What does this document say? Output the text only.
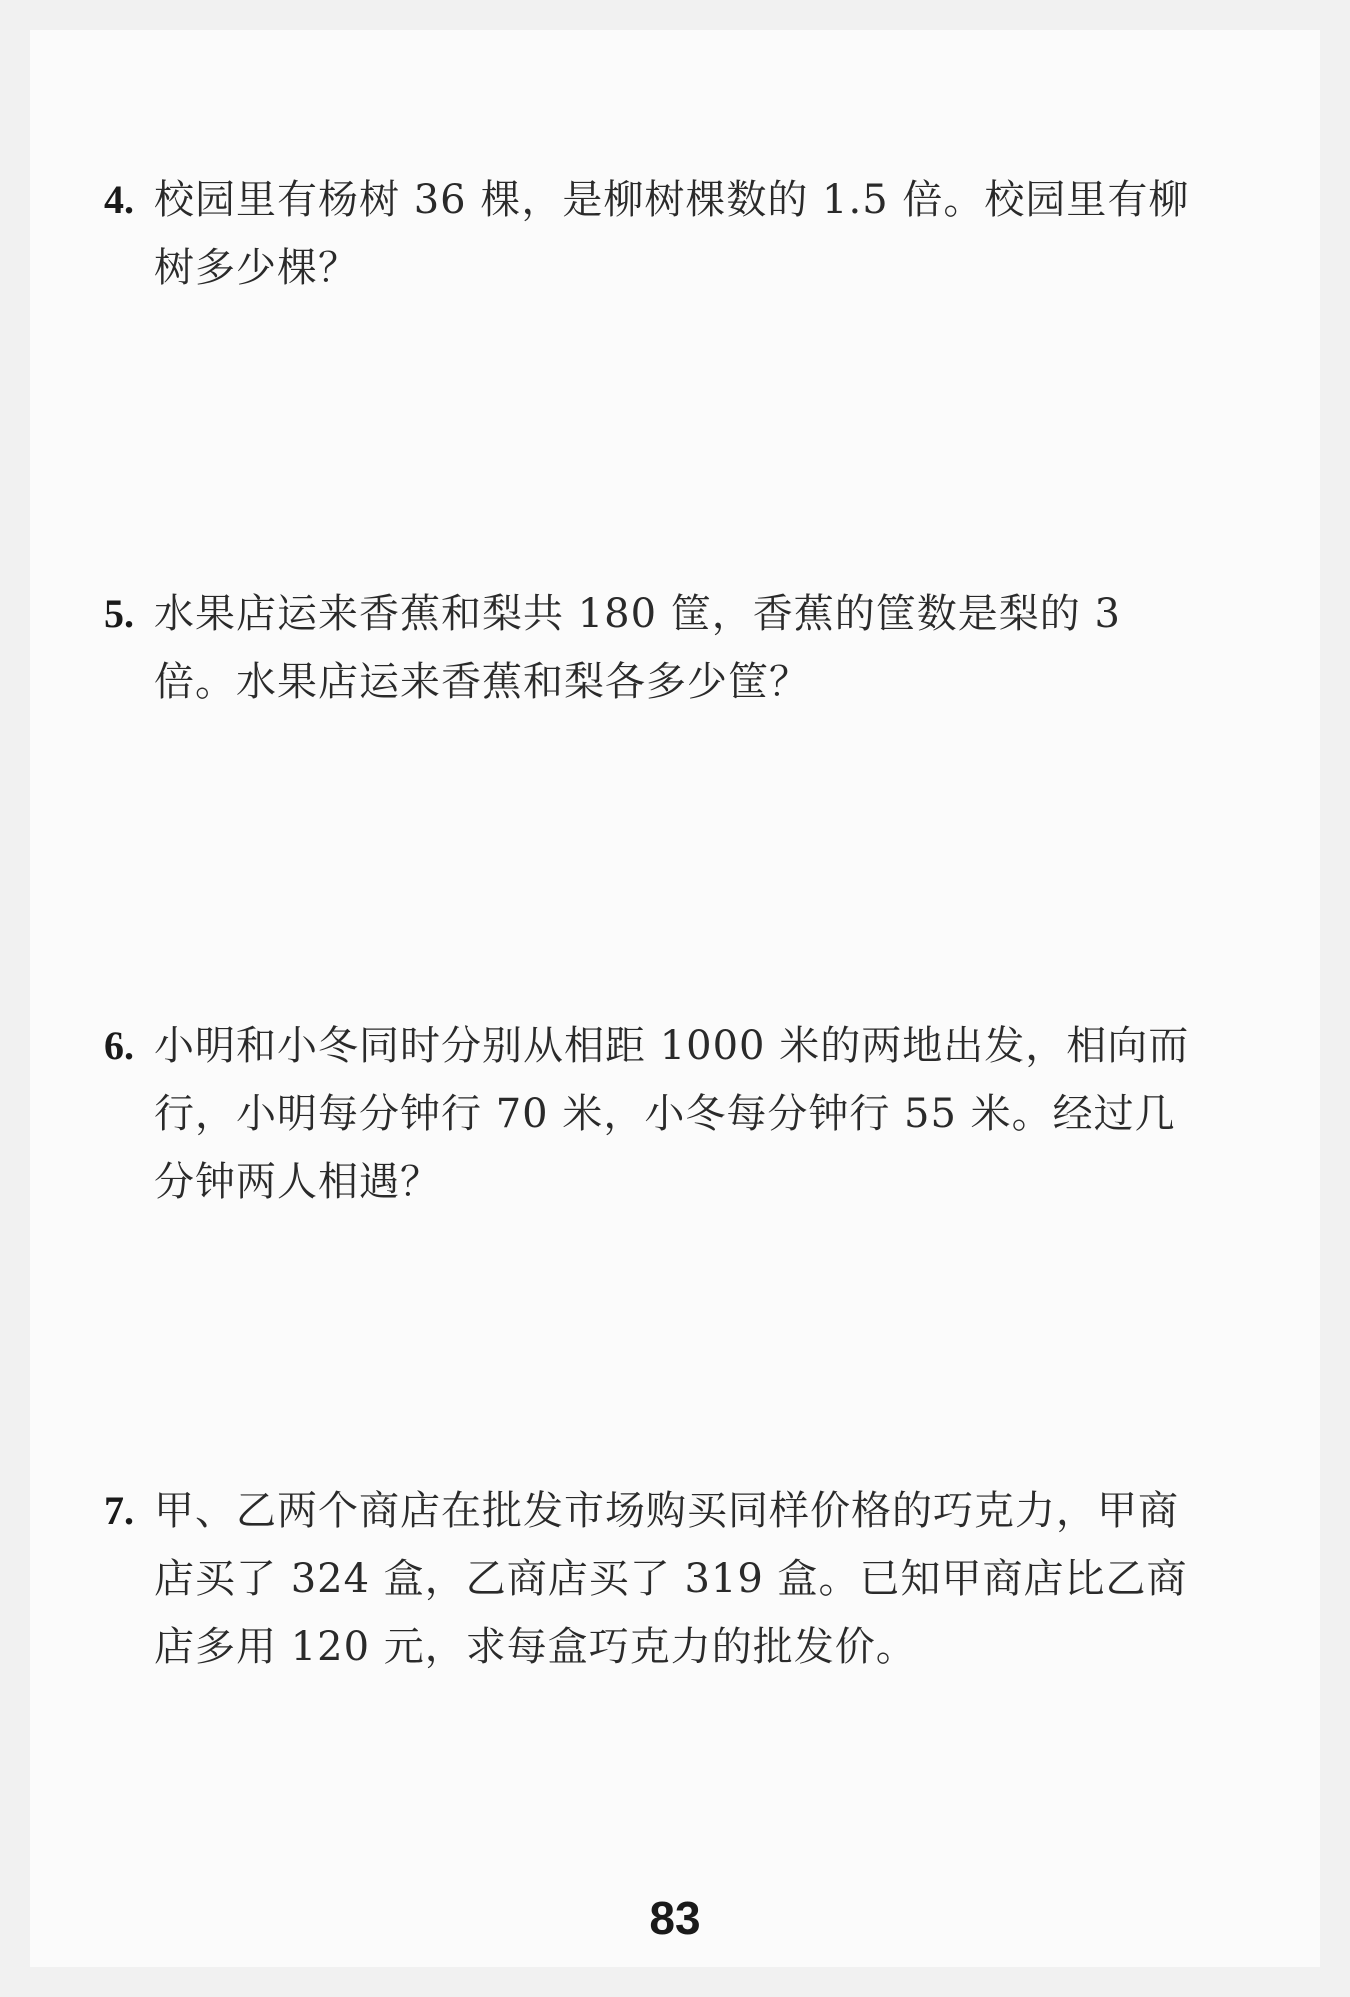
4. 校园里有杨树 36 棵，是柳树棵数的 1.5 倍。校园里有柳树多少棵？
5. 水果店运来香蕉和梨共 180 筐，香蕉的筐数是梨的 3 倍。水果店运来香蕉和梨各多少筐？
6. 小明和小冬同时分别从相距 1000 米的两地出发，相向而行，小明每分钟行 70 米，小冬每分钟行 55 米。经过几分钟两人相遇？
7. 甲、乙两个商店在批发市场购买同样价格的巧克力，甲商店买了 324 盒，乙商店买了 319 盒。已知甲商店比乙商店多用 120 元，求每盒巧克力的批发价。
83
